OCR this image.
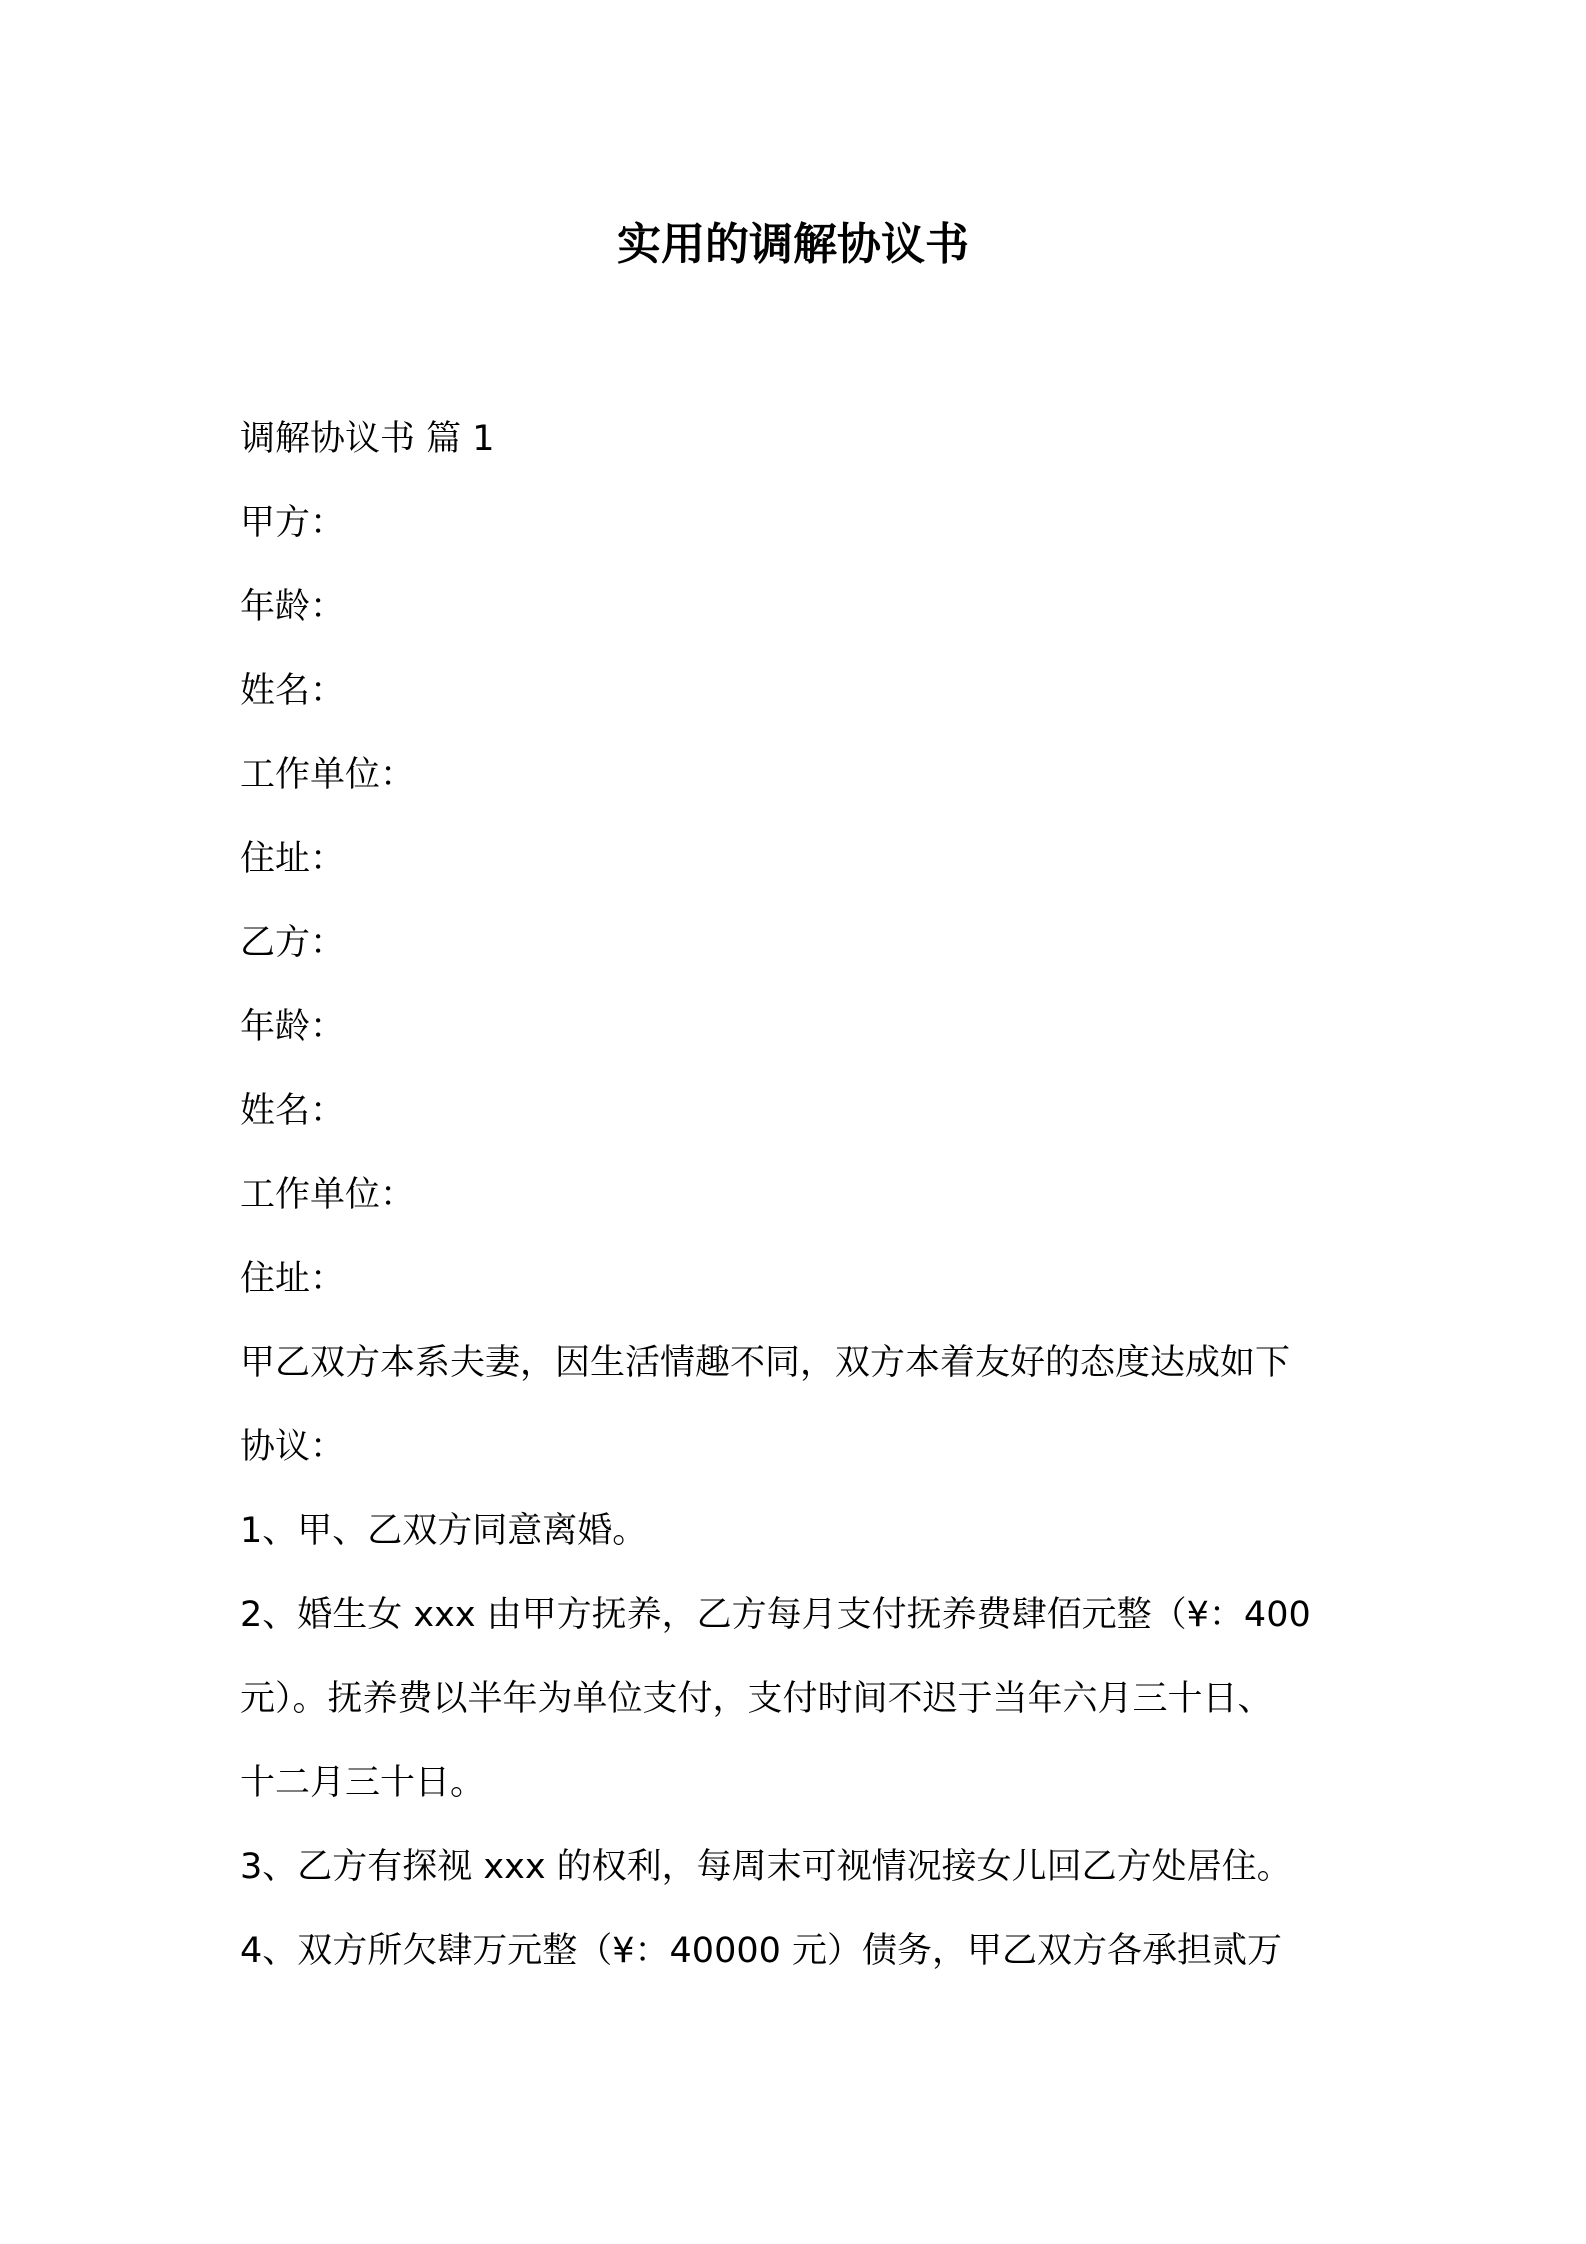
实用的调解协议书
调解协议书 篇 1
甲方：
年龄：
姓名：
工作单位：
住址：
乙方：
年龄：
姓名：
工作单位：
住址：
甲乙双方本系夫妻，因生活情趣不同，双方本着友好的态度达成如下
协议：
1、甲、乙双方同意离婚。
2、婚生女 xxx 由甲方抚养，乙方每月支付抚养费肆佰元整（¥：400
元）。抚养费以半年为单位支付，支付时间不迟于当年六月三十日、
十二月三十日。
3、乙方有探视 xxx 的权利，每周末可视情况接女儿回乙方处居住。
4、双方所欠肆万元整（¥：40000 元）债务，甲乙双方各承担贰万
